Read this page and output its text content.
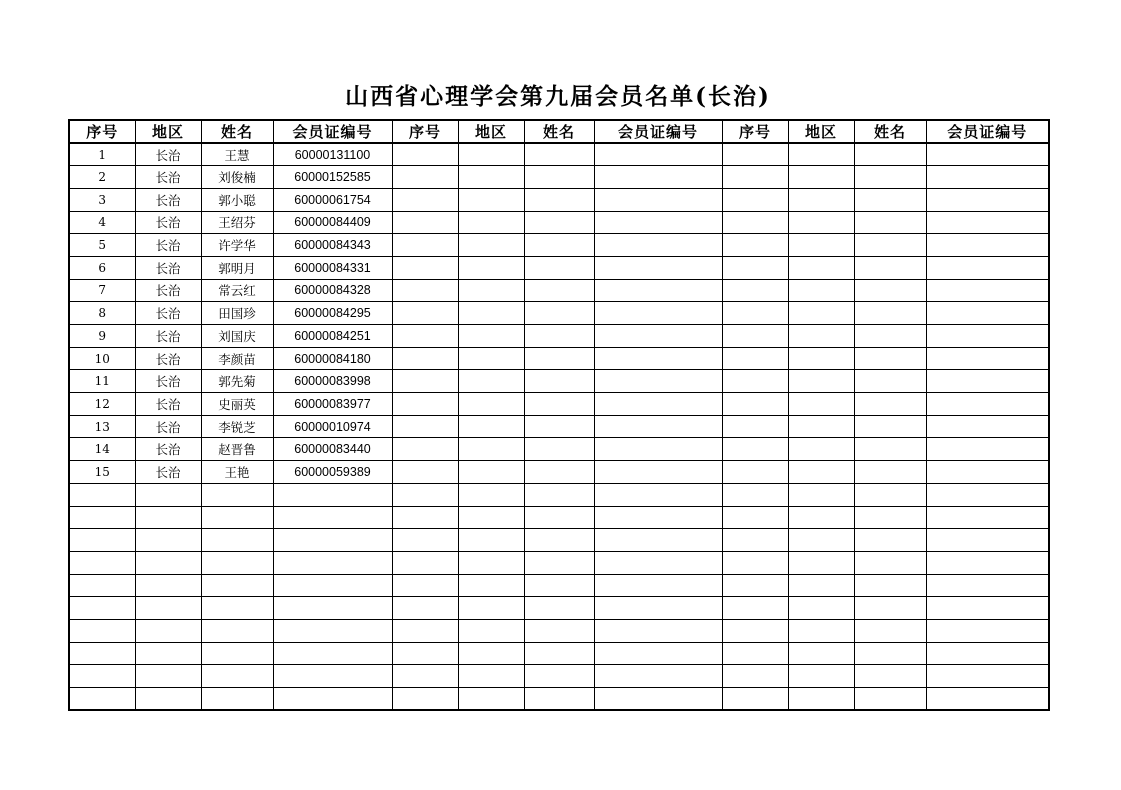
山西省心理学会第九届会员名单(长治)
序号	地区	姓名	会员证编号	序号	地区	姓名	会员证编号	序号	地区	姓名	会员证编号
1	长治	王慧	60000131100								
2	长治	刘俊楠	60000152585								
3	长治	郭小聪	60000061754								
4	长治	王绍芬	60000084409								
5	长治	许学华	60000084343								
6	长治	郭明月	60000084331								
7	长治	常云红	60000084328								
8	长治	田国珍	60000084295								
9	长治	刘国庆	60000084251								
10	长治	李颜苗	60000084180								
11	长治	郭先菊	60000083998								
12	长治	史丽英	60000083977								
13	长治	李锐芝	60000010974								
14	长治	赵晋鲁	60000083440								
15	长治	王艳	60000059389								
